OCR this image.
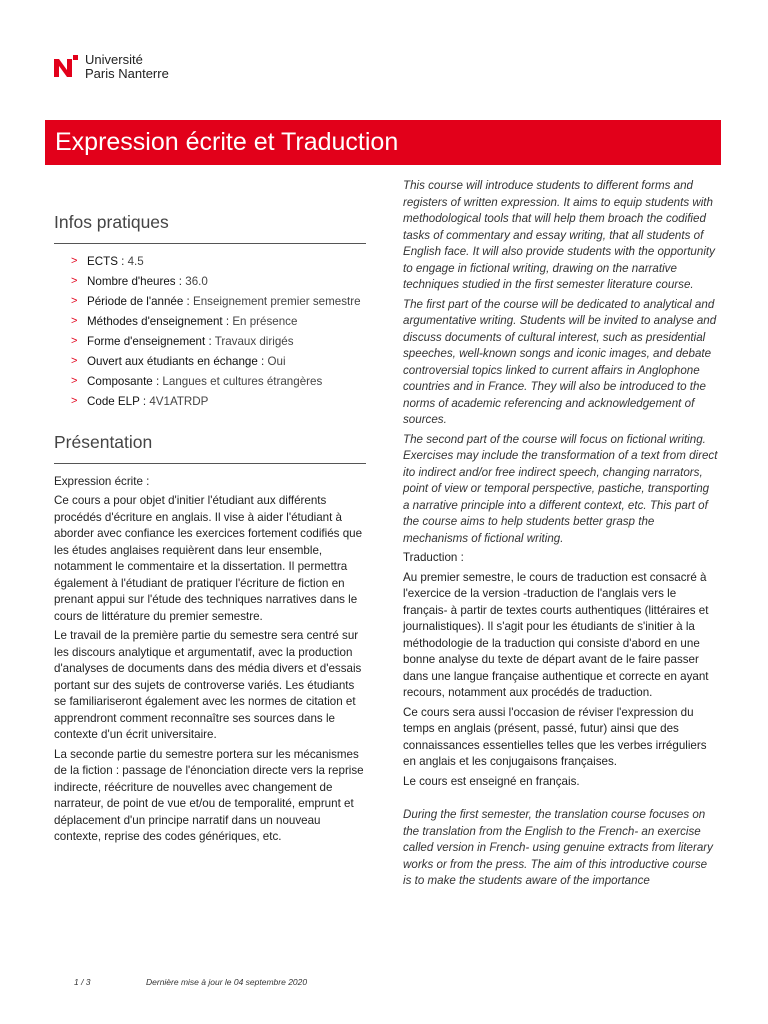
Université
Paris Nanterre
Expression écrite et Traduction
Infos pratiques
> ECTS : 4.5
> Nombre d'heures : 36.0
> Période de l'année : Enseignement premier semestre
> Méthodes d'enseignement : En présence
> Forme d'enseignement : Travaux dirigés
> Ouvert aux étudiants en échange : Oui
> Composante : Langues et cultures étrangères
> Code ELP : 4V1ATRDP
Présentation
Expression écrite :
Ce cours a pour objet d'initier l'étudiant aux différents procédés d'écriture en anglais. Il vise à aider l'étudiant à aborder avec confiance les exercices fortement codifiés que les études anglaises requièrent dans leur ensemble, notamment le commentaire et la dissertation. Il permettra également à l'étudiant de pratiquer l'écriture de fiction en prenant appui sur l'étude des techniques narratives dans le cours de littérature du premier semestre.
Le travail de la première partie du semestre sera centré sur les discours analytique et argumentatif, avec la production d'analyses de documents dans des média divers et d'essais portant sur des sujets de controverse variés. Les étudiants se familiariseront également avec les normes de citation et apprendront comment reconnaître ses sources dans le contexte d'un écrit universitaire.
La seconde partie du semestre portera sur les mécanismes de la fiction : passage de l'énonciation directe vers la reprise indirecte, réécriture de nouvelles avec changement de narrateur, de point de vue et/ou de temporalité, emprunt et déplacement d'un principe narratif dans un nouveau contexte, reprise des codes génériques, etc.
This course will introduce students to different forms and registers of written expression. It aims to equip students with methodological tools that will help them broach the codified tasks of commentary and essay writing, that all students of English face. It will also provide students with the opportunity to engage in fictional writing, drawing on the narrative techniques studied in the first semester literature course.
The first part of the course will be dedicated to analytical and argumentative writing. Students will be invited to analyse and discuss documents of cultural interest, such as presidential speeches, well-known songs and iconic images, and debate controversial topics linked to current affairs in Anglophone countries and in France. They will also be introduced to the norms of academic referencing and acknowledgement of sources.
The second part of the course will focus on fictional writing. Exercises may include the transformation of a text from direct ito indirect and/or free indirect speech, changing narrators, point of view or temporal perspective, pastiche, transporting a narrative principle into a different context, etc. This part of the course aims to help students better grasp the mechanisms of fictional writing.
Traduction :
Au premier semestre, le cours de traduction est consacré à l'exercice de la version -traduction de l'anglais vers le français- à partir de textes courts authentiques (littéraires et journalistiques). Il s'agit pour les étudiants de s'initier à la méthodologie de la traduction qui consiste d'abord en une bonne analyse du texte de départ avant de le faire passer dans une langue française authentique et correcte en ayant recours, notamment aux procédés de traduction.
Ce cours sera aussi l'occasion de réviser l'expression du temps en anglais (présent, passé, futur) ainsi que des connaissances essentielles telles que les verbes irréguliers en anglais et les conjugaisons françaises.
Le cours est enseigné en français.
During the first semester, the translation course focuses on the translation from the English to the French- an exercise called version in French- using genuine extracts from literary works or from the press. The aim of this introductive course is to make the students aware of the importance
1 / 3	Dernière mise à jour le 04 septembre 2020
